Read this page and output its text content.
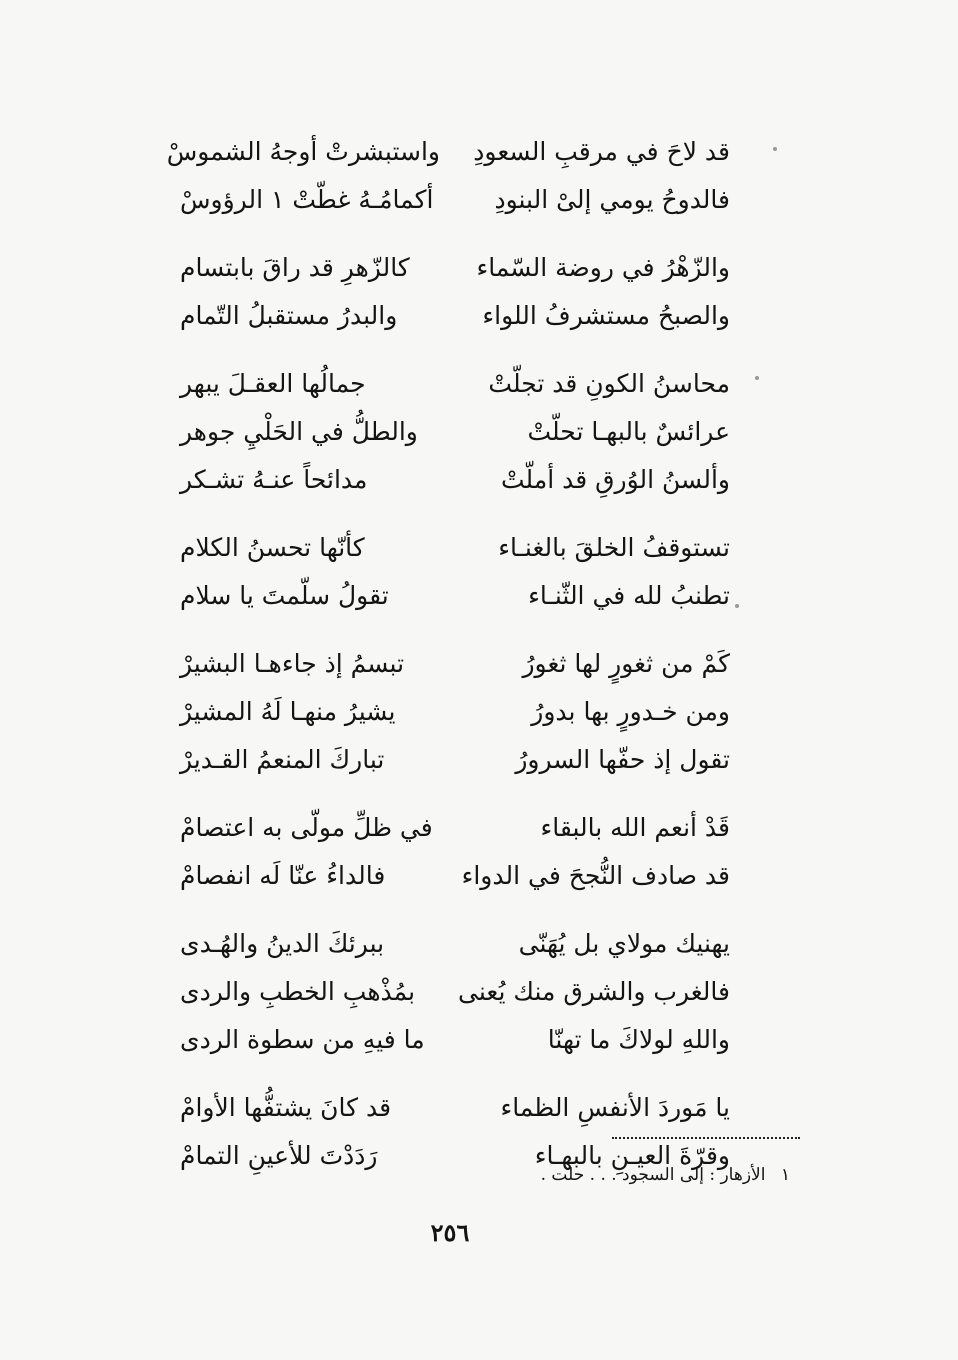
قد لاحَ في مرقبِ السعودِ
واستبشرتْ أوجهُ الشموسْ
فالدوحُ يومي إلىْ البنودِ
أكمامُـهُ غطّتْ ١ الرؤوسْ
والزّهْرُ في روضة السّماء
كالزّهرِ قد راقَ بابتسام
والصبحُ مستشرفُ اللواء
والبدرُ مستقبلُ التّمام
محاسنُ الكونِ قد تجلّتْ
جمالُها العقـلَ يبهر
عرائسٌ بالبهـا تحلّتْ
والطلُّ في الحَلْيِ جوهر
وألسنُ الوُرقِ قد أملّتْ
مدائحاً عنـهُ تشـكر
تستوقفُ الخلقَ بالغنـاء
كأنّها تحسنُ الكلام
تطنبُ لله في الثّنـاء
تقولُ سلّمتَ يا سلام
كَمْ من ثغورٍ لها ثغورُ
تبسمُ إذ جاءهـا البشيرْ
ومن خـدورٍ بها بدورُ
يشيرُ منهـا لَهُ المشيرْ
تقول إذ حفّها السرورُ
تباركَ المنعمُ القـديرْ
قَدْ أنعم الله بالبقاء
في ظلِّ مولّى به اعتصامْ
قد صادف النُّجحَ في الدواء
فالداءُ عنّا لَه انفصامْ
يهنيك مولاي بل يُهَنّى
ببرئكَ الدينُ والهُـدى
فالغرب والشرق منك يُعنى
بمُذْهبِ الخطبِ والردى
واللهِ لولاكَ ما تهنّا
ما فيهِ من سطوة الردى
يا مَوردَ الأنفسِ الظماء
قد كانَ يشتفُّها الأوامْ
وقرّةَ العيـنِ بالبهـاء
رَدَدْتَ للأعينِ التمامْ
١ الأزهار : إلى السجود . . . حلت .
٢٥٦
